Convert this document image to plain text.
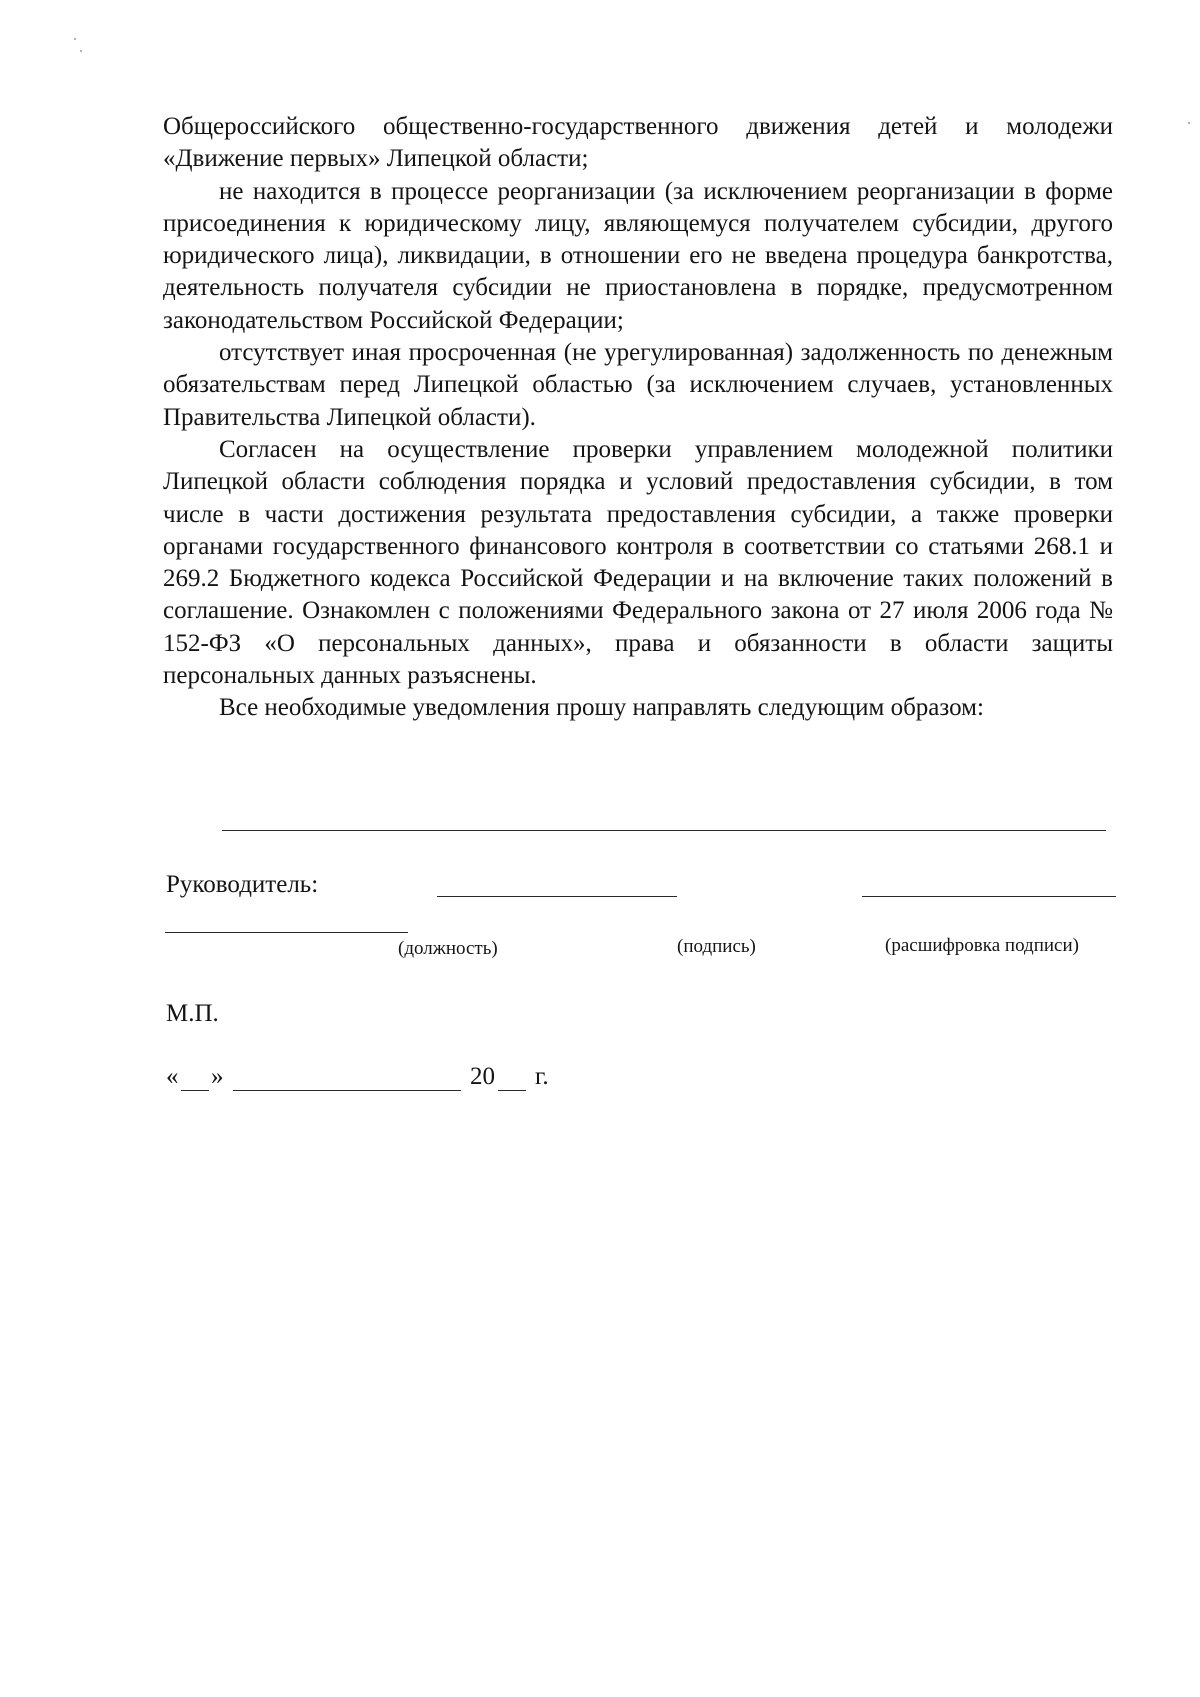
Общероссийского общественно-государственного движения детей и молодежи «Движение первых» Липецкой области;

не находится в процессе реорганизации (за исключением реорганизации в форме присоединения к юридическому лицу, являющемуся получателем субсидии, другого юридического лица), ликвидации, в отношении его не введена процедура банкротства, деятельность получателя субсидии не приостановлена в порядке, предусмотренном законодательством Российской Федерации;

отсутствует иная просроченная (не урегулированная) задолженность по денежным обязательствам перед Липецкой областью (за исключением случаев, установленных Правительства Липецкой области).

Согласен на осуществление проверки управлением молодежной политики Липецкой области соблюдения порядка и условий предоставления субсидии, в том числе в части достижения результата предоставления субсидии, а также проверки органами государственного финансового контроля в соответствии со статьями 268.1 и 269.2 Бюджетного кодекса Российской Федерации и на включение таких положений в соглашение. Ознакомлен с положениями Федерального закона от 27 июля 2006 года № 152-ФЗ «О персональных данных», права и обязанности в области защиты персональных данных разъяснены.

Все необходимые уведомления прошу направлять следующим образом:

Руководитель:
(должность)	(подпись)	(расшифровка подписи)
М.П.
« »	20 г.
